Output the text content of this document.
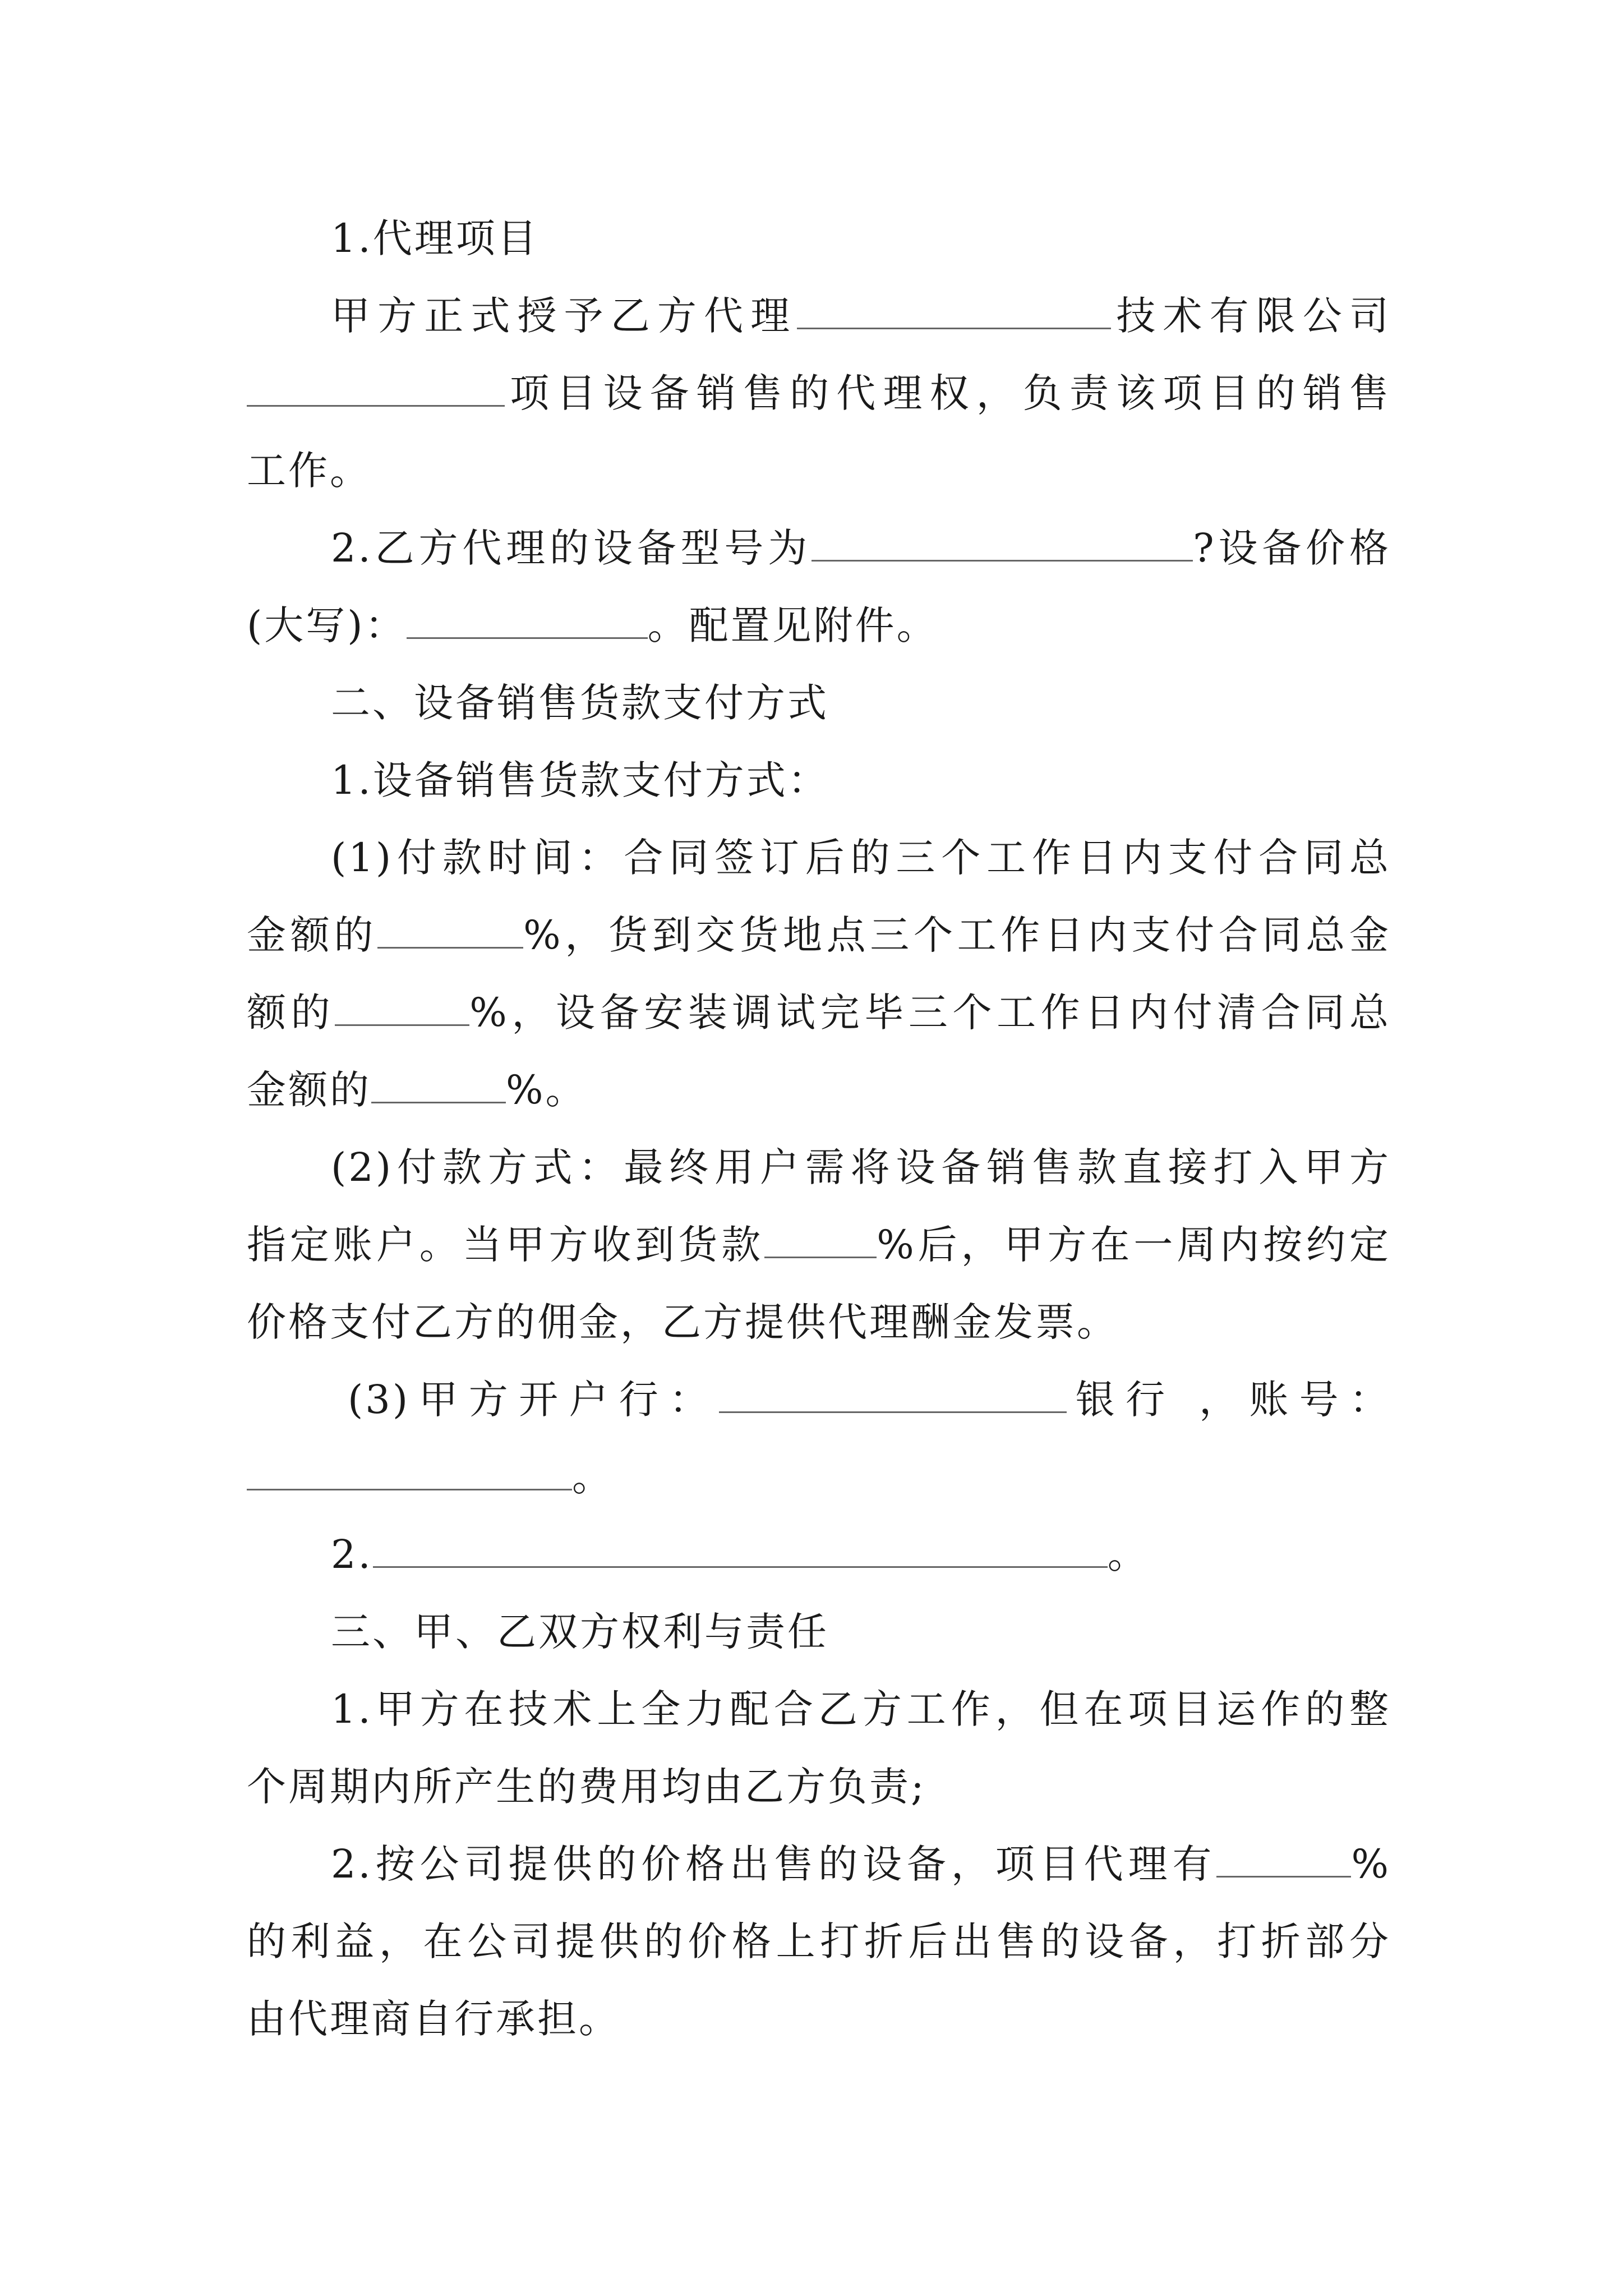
1.代理项目
甲方正式授予乙方代理	技术有限公司
项目设备销售的代理权，负责该项目的销售
工作。
2.乙方代理的设备型号为	?设备价格
(大写)：	。配置见附件。
二、设备销售货款支付方式
1.设备销售货款支付方式：
(1)付款时间：合同签订后的三个工作日内支付合同总
金额的	%，货到交货地点三个工作日内支付合同总金
额的	%，设备安装调试完毕三个工作日内付清合同总
金额的	%。
(2)付款方式：最终用户需将设备销售款直接打入甲方
指定账户。当甲方收到货款	%后，甲方在一周内按约定
价格支付乙方的佣金，乙方提供代理酬金发票。
(3)甲方开户行：	银行 ，账号：
。
2.	。
三、甲、乙双方权利与责任
1.甲方在技术上全力配合乙方工作，但在项目运作的整
个周期内所产生的费用均由乙方负责;
2.按公司提供的价格出售的设备，项目代理有	%
的利益，在公司提供的价格上打折后出售的设备，打折部分
由代理商自行承担。
